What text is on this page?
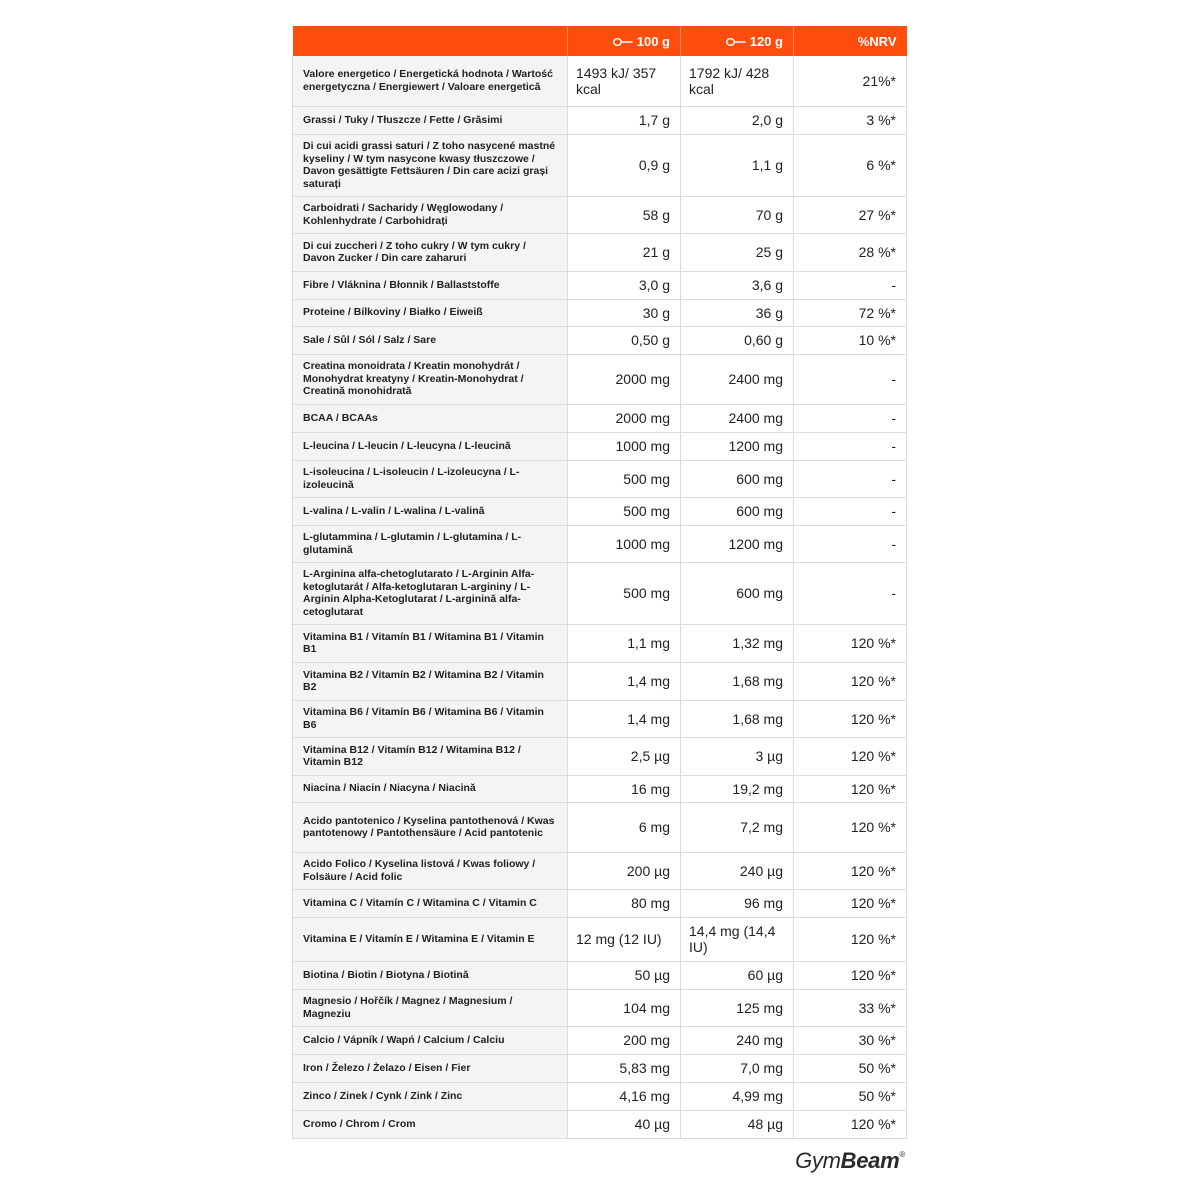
	100 g	120 g	%NRV
Valore energetico / Energetická hodnota / Wartość energetyczna / Energiewert / Valoare energetică	1493 kJ/ 357 kcal	1792 kJ/ 428 kcal	21%*
Grassi / Tuky / Tłuszcze / Fette / Grăsimi	1,7 g	2,0 g	3 %*
Di cui acidi grassi saturi / Z toho nasycené mastné kyseliny / W tym nasycone kwasy tłuszczowe / Davon gesättigte Fettsäuren / Din care acizi grași saturați	0,9 g	1,1 g	6 %*
Carboidrati / Sacharidy / Węglowodany / Kohlenhydrate / Carbohidrați	58 g	70 g	27 %*
Di cui zuccheri / Z toho cukry / W tym cukry / Davon Zucker / Din care zaharuri	21 g	25 g	28 %*
Fibre / Vláknina / Błonnik / Ballaststoffe	3,0 g	3,6 g	-
Proteine / Bílkoviny / Białko / Eiweiß	30 g	36 g	72 %*
Sale / Sůl / Sól / Salz / Sare	0,50 g	0,60 g	10 %*
Creatina monoidrata / Kreatin monohydrát / Monohydrat kreatyny / Kreatin-Monohydrat / Creatină monohidrată	2000 mg	2400 mg	-
BCAA / BCAAs	2000 mg	2400 mg	-
L-leucina / L-leucin / L-leucyna / L-leucină	1000 mg	1200 mg	-
L-isoleucina / L-isoleucin / L-izoleucyna / L-izoleucină	500 mg	600 mg	-
L-valina / L-valin / L-walina / L-valină	500 mg	600 mg	-
L-glutammina / L-glutamin / L-glutamina / L-glutamină	1000 mg	1200 mg	-
L-Arginina alfa-chetoglutarato / L-Arginin Alfa-ketoglutarát / Alfa-ketoglutaran L-argininy / L-Arginin Alpha-Ketoglutarat / L-arginină alfa-cetoglutarat	500 mg	600 mg	-
Vitamina B1 / Vitamín B1 / Witamina B1 / Vitamin B1	1,1 mg	1,32 mg	120 %*
Vitamina B2 / Vitamín B2 / Witamina B2 / Vitamin B2	1,4 mg	1,68 mg	120 %*
Vitamina B6 / Vitamín B6 / Witamina B6 / Vitamin B6	1,4 mg	1,68 mg	120 %*
Vitamina B12 / Vitamín B12 / Witamina B12 / Vitamin B12	2,5 µg	3 µg	120 %*
Niacina / Niacin / Niacyna / Niacină	16 mg	19,2 mg	120 %*
Acido pantotenico / Kyselina pantothenová / Kwas pantotenowy / Pantothensäure / Acid pantotenic	6 mg	7,2 mg	120 %*
Acido Folico / Kyselina listová / Kwas foliowy / Folsäure / Acid folic	200 µg	240 µg	120 %*
Vitamina C / Vitamín C / Witamina C / Vitamin C	80 mg	96 mg	120 %*
Vitamina E / Vitamín E / Witamina E / Vitamin E	12 mg (12 IU)	14,4 mg (14,4 IU)	120 %*
Biotina / Biotin / Biotyna / Biotină	50 µg	60 µg	120 %*
Magnesio / Hořčík / Magnez / Magnesium / Magneziu	104 mg	125 mg	33 %*
Calcio / Vápník / Wapń / Calcium / Calciu	200 mg	240 mg	30 %*
Iron / Železo / Żelazo / Eisen / Fier	5,83 mg	7,0 mg	50 %*
Zinco / Zinek / Cynk / Zink / Zinc	4,16 mg	4,99 mg	50 %*
Cromo / Chrom / Crom	40 µg	48 µg	120 %*
GymBeam®
